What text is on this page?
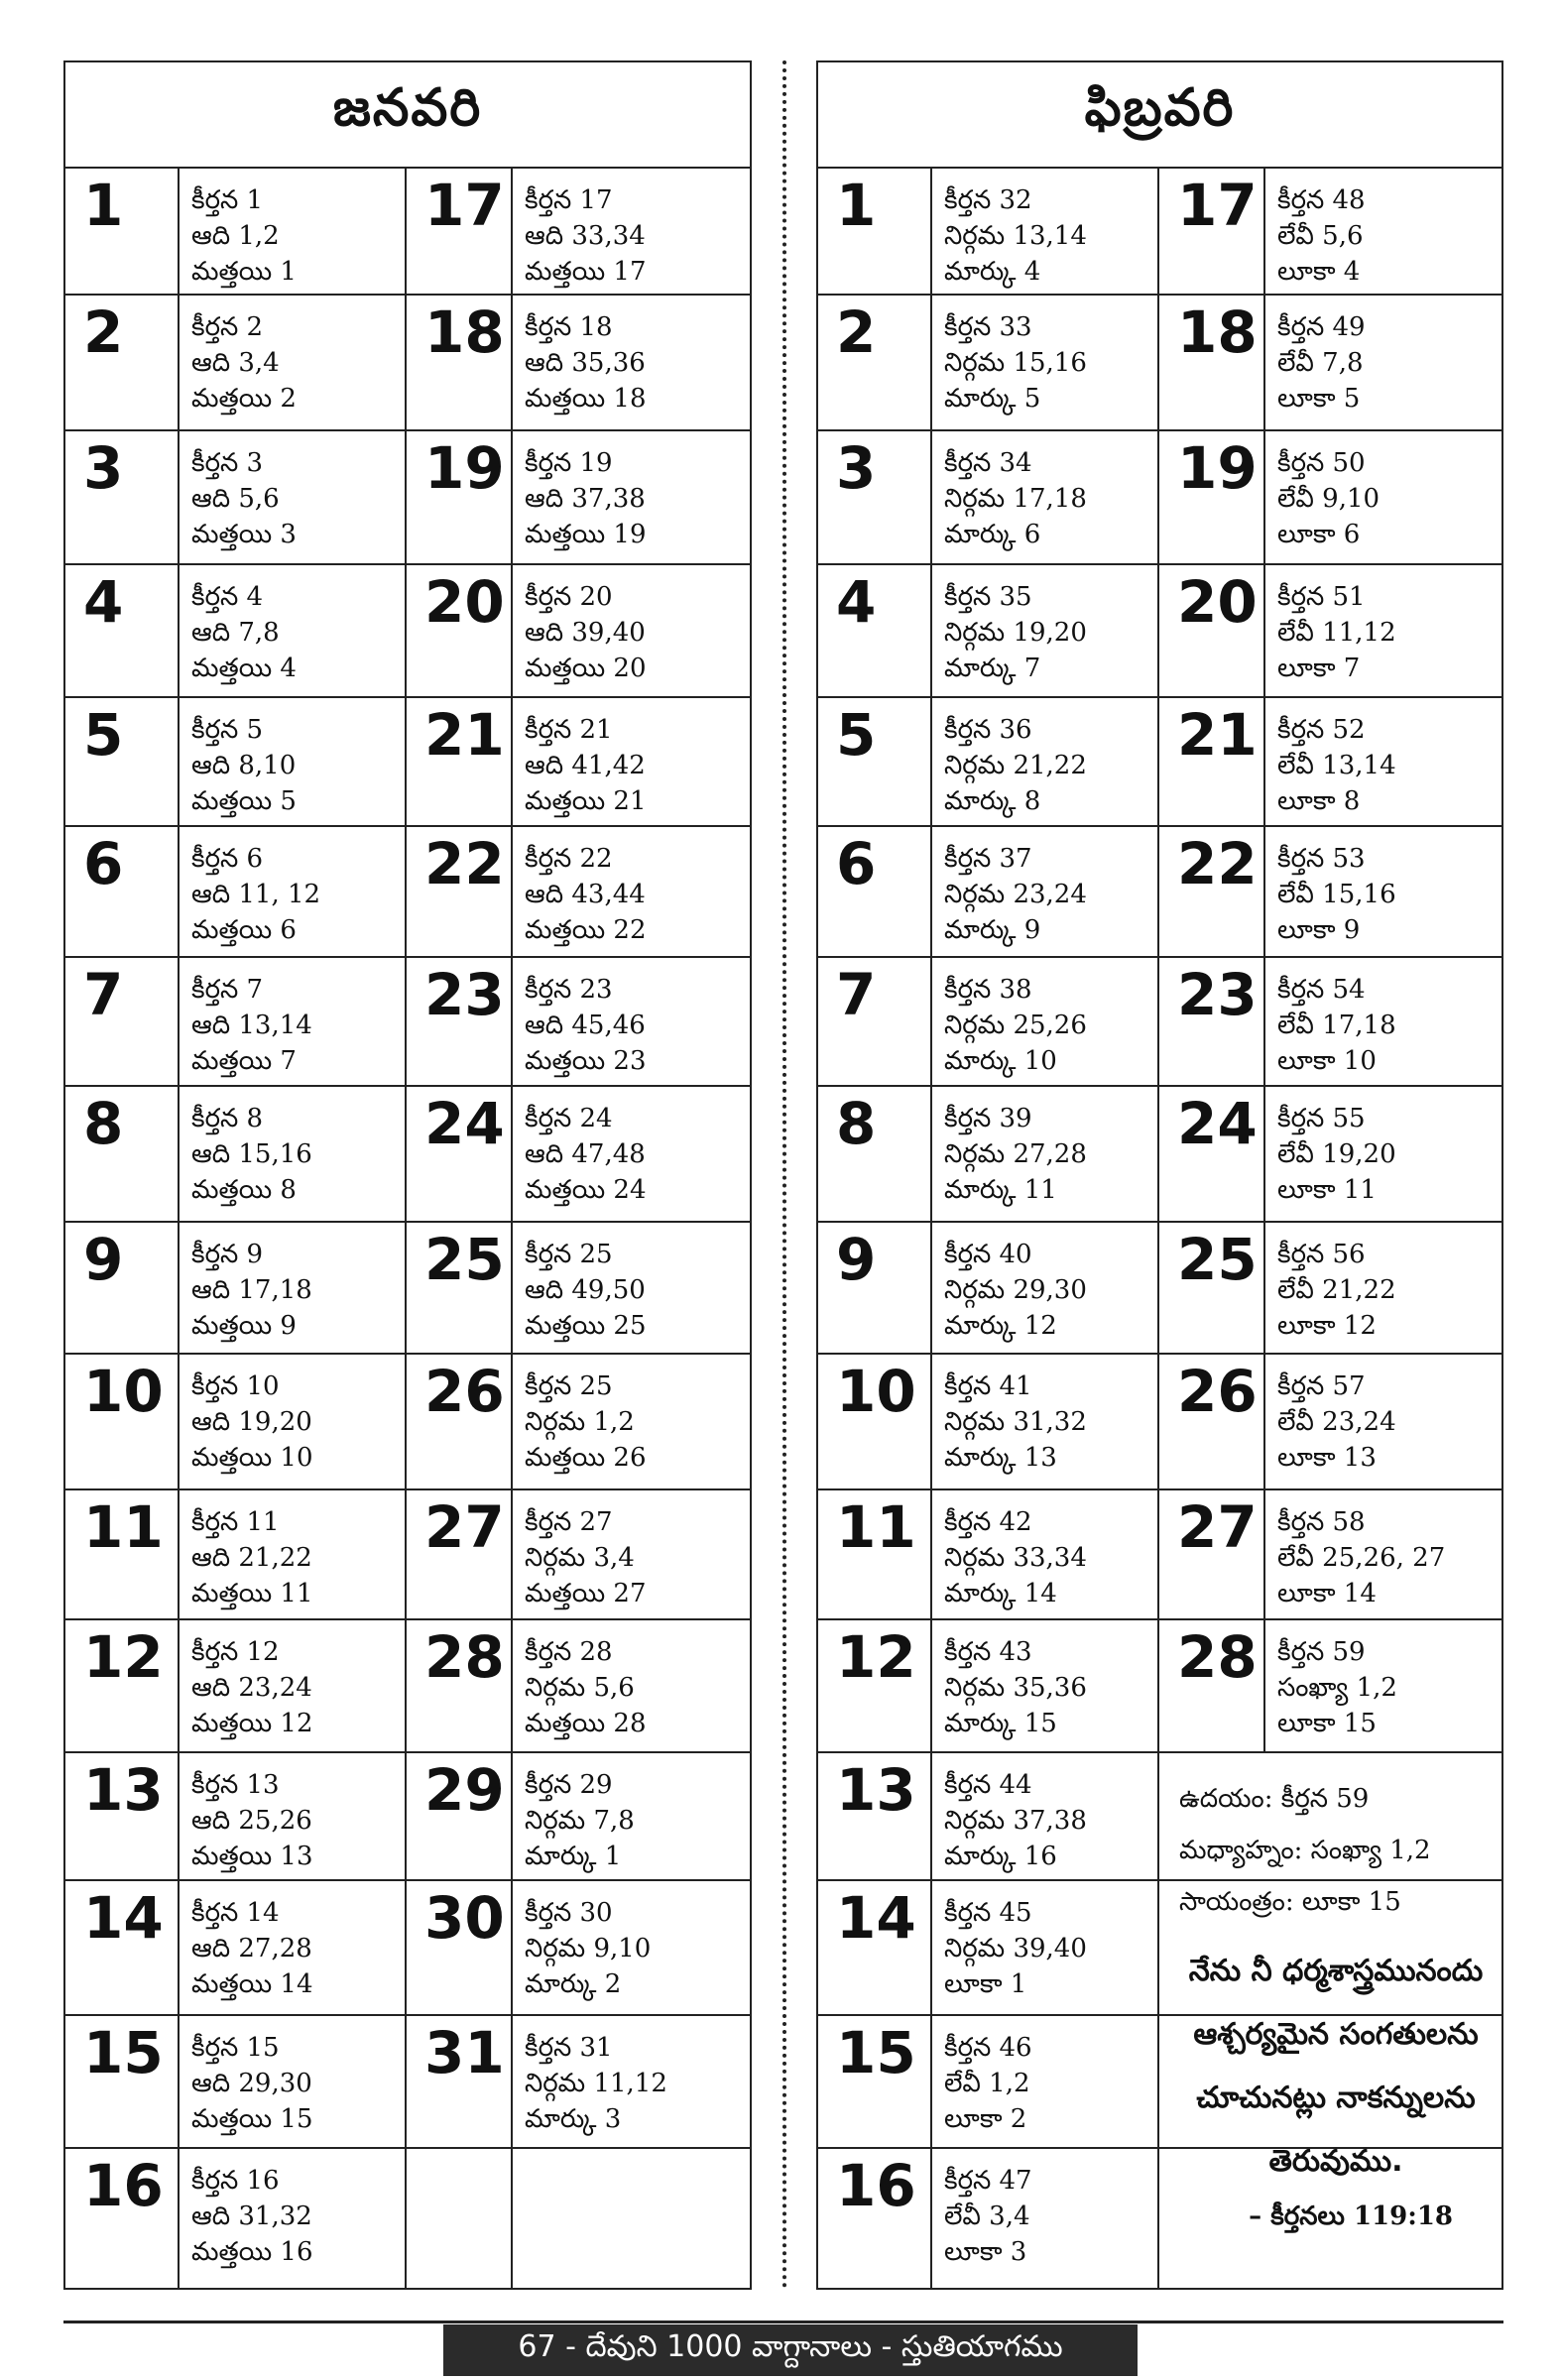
జనవరి
1	కీర్తన 1
ఆది 1,2
మత్తయి 1
17 కీర్తన 17
ఆది 33,34
మత్తయి 17
2	కీర్తన 2
ఆది 3,4
మత్తయి 2
18 కీర్తన 18
ఆది 35,36
మత్తయి 18
3	కీర్తన 3
ఆది 5,6
మత్తయి 3
19 కీర్తన 19
ఆది 37,38
మత్తయి 19
4	కీర్తన 4
ఆది 7,8
మత్తయి 4
20 కీర్తన 20
ఆది 39,40
మత్తయి 20
5	కీర్తన 5
ఆది 8,10
మత్తయి 5
21 కీర్తన 21
ఆది 41,42
మత్తయి 21
6	కీర్తన 6
ఆది 11, 12
మత్తయి 6
22 కీర్తన 22
ఆది 43,44
మత్తయి 22
7	కీర్తన 7
ఆది 13,14
మత్తయి 7
23 కీర్తన 23
ఆది 45,46
మత్తయి 23
8	కీర్తన 8
ఆది 15,16
మత్తయి 8
24 కీర్తన 24
ఆది 47,48
మత్తయి 24
9	కీర్తన 9
ఆది 17,18
మత్తయి 9
25 కీర్తన 25
ఆది 49,50
మత్తయి 25
10	కీర్తన 10
ఆది 19,20
మత్తయి 10
26 కీర్తన 25
నిర్గమ 1,2
మత్తయి 26
11	కీర్తన 11
ఆది 21,22
మత్తయి 11
27 కీర్తన 27
నిర్గమ 3,4
మత్తయి 27
12	కీర్తన 12
ఆది 23,24
మత్తయి 12
28 కీర్తన 28
నిర్గమ 5,6
మత్తయి 28
13	కీర్తన 13
ఆది 25,26
మత్తయి 13
29 కీర్తన 29
నిర్గమ 7,8
మార్కు 1
14	కీర్తన 14
ఆది 27,28
మత్తయి 14
30 కీర్తన 30
నిర్గమ 9,10
మార్కు 2
15	కీర్తన 15
ఆది 29,30
మత్తయి 15
31 కీర్తన 31
నిర్గమ 11,12
మార్కు 3
16	కీర్తన 16
ఆది 31,32
మత్తయి 16
ఫిబ్రవరి
1	కీర్తన 32
నిర్గమ 13,14
మార్కు 4
17 కీర్తన 48
లేవీ 5,6
లూకా 4
2	కీర్తన 33
నిర్గమ 15,16
మార్కు 5
18 కీర్తన 49
లేవీ 7,8
లూకా 5
3	కీర్తన 34
నిర్గమ 17,18
మార్కు 6
19 కీర్తన 50
లేవీ 9,10
లూకా 6
4	కీర్తన 35
నిర్గమ 19,20
మార్కు 7
20 కీర్తన 51
లేవీ 11,12
లూకా 7
5	కీర్తన 36
నిర్గమ 21,22
మార్కు 8
21 కీర్తన 52
లేవీ 13,14
లూకా 8
6	కీర్తన 37
నిర్గమ 23,24
మార్కు 9
22 కీర్తన 53
లేవీ 15,16
లూకా 9
7	కీర్తన 38
నిర్గమ 25,26
మార్కు 10
23 కీర్తన 54
లేవీ 17,18
లూకా 10
8	కీర్తన 39
నిర్గమ 27,28
మార్కు 11
24 కీర్తన 55
లేవీ 19,20
లూకా 11
9	కీర్తన 40
నిర్గమ 29,30
మార్కు 12
25 కీర్తన 56
లేవీ 21,22
లూకా 12
10	కీర్తన 41
నిర్గమ 31,32
మార్కు 13
26 కీర్తన 57
లేవీ 23,24
లూకా 13
11	కీర్తన 42
నిర్గమ 33,34
మార్కు 14
27 కీర్తన 58
లేవీ 25,26, 27
లూకా 14
12	కీర్తన 43
నిర్గమ 35,36
మార్కు 15
28 కీర్తన 59
సంఖ్యా 1,2
లూకా 15
13	కీర్తన 44
నిర్గమ 37,38
మార్కు 16
14	కీర్తన 45
నిర్గమ 39,40
లూకా 1
15	కీర్తన 46
లేవీ 1,2
లూకా 2
16	కీర్తన 47
లేవీ 3,4
లూకా 3
ఉదయం: కీర్తన 59
మధ్యాహ్నం: సంఖ్యా 1,2
సాయంత్రం: లూకా 15
నేను నీ ధర్మశాస్త్రమునందు
ఆశ్చర్యమైన సంగతులను
చూచునట్లు నాకన్నులను
తెరువుము.
– కీర్తనలు 119:18
67 - దేవుని 1000 వాగ్దానాలు - స్తుతియాగము
